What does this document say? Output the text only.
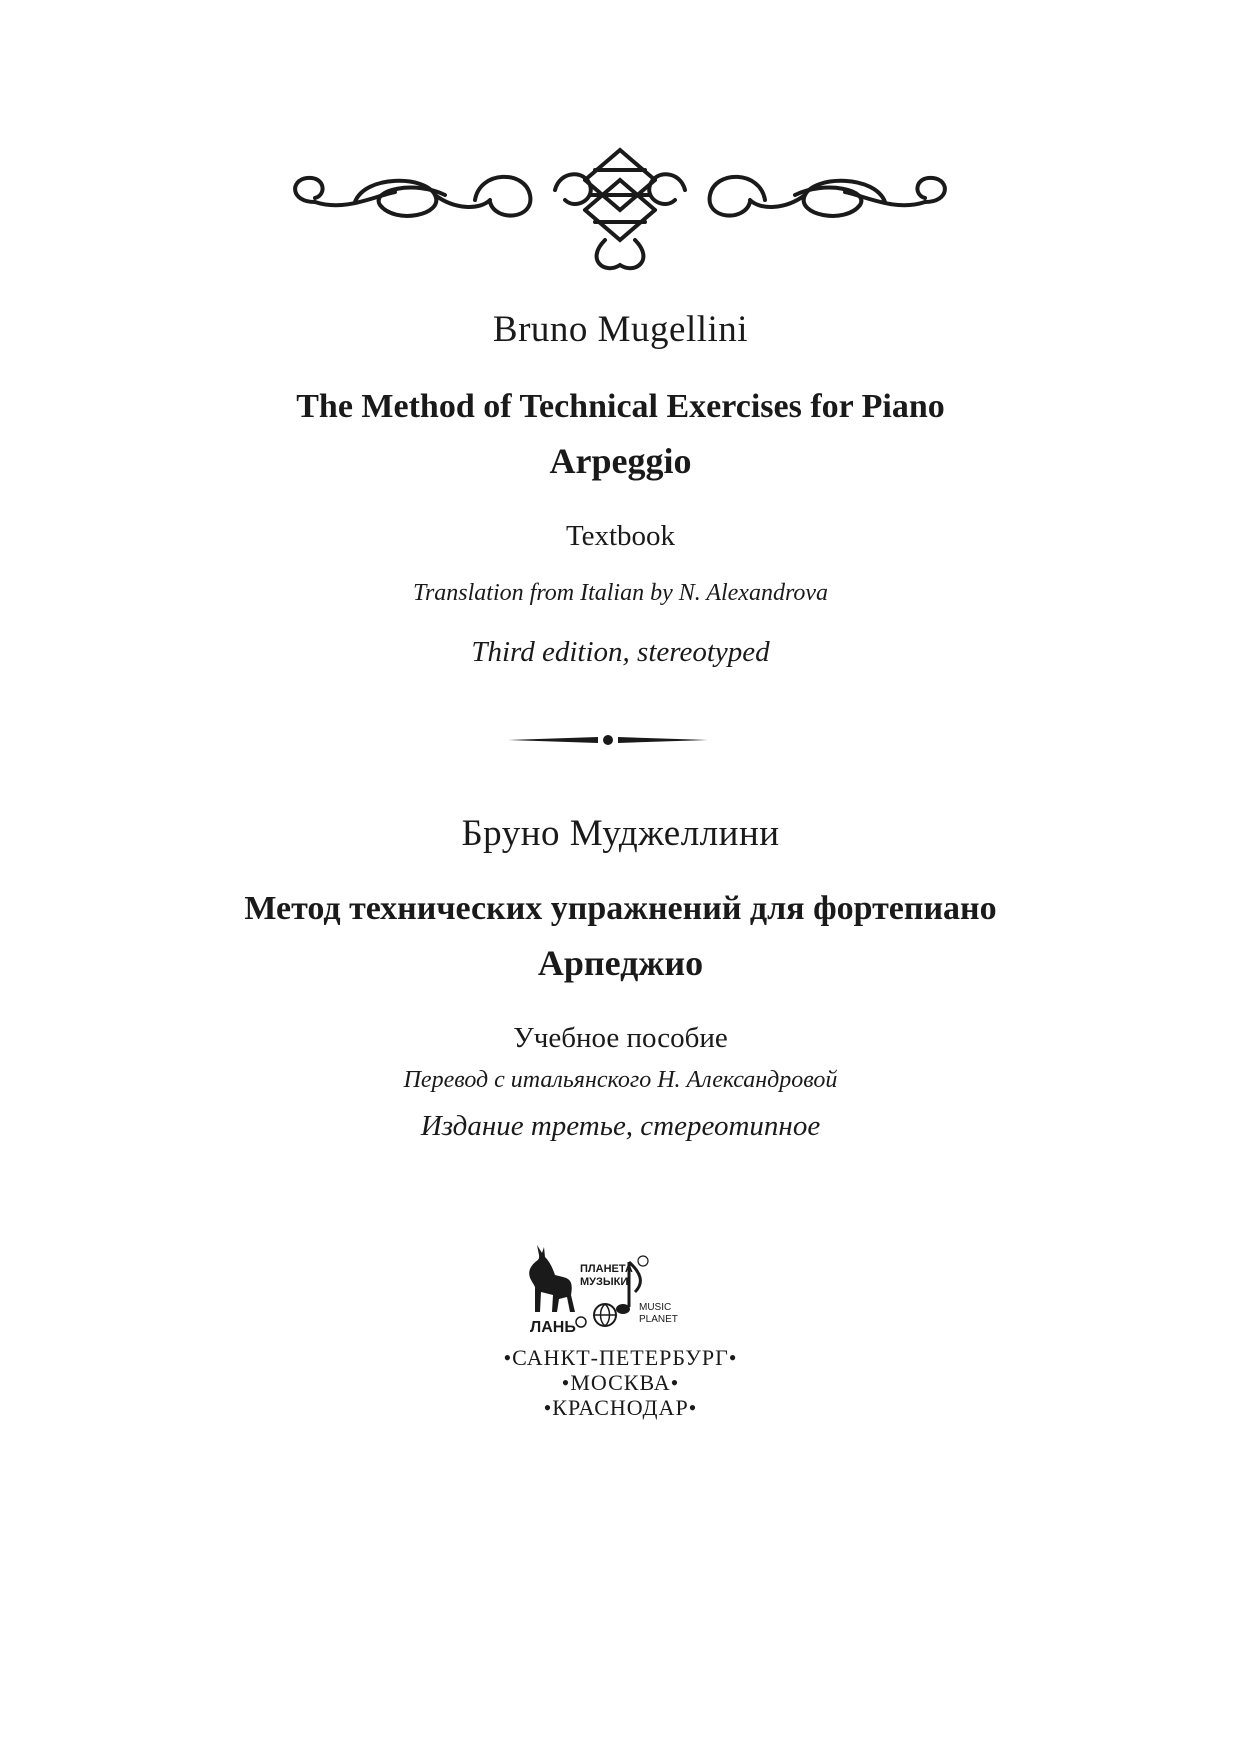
Bruno Mugellini
The Method of Technical Exercises for Piano
Arpeggio
Textbook
Translation from Italian by N. Alexandrova
Third edition, stereotyped
Бруно Муджеллини
Метод технических упражнений для фортепиано
Арпеджио
Учебное пособие
Перевод с итальянского Н. Александровой
Издание третье, стереотипное
ЛАНЬ
ПЛАНЕТА
МУЗЫКИ
MUSIC
PLANET
•САНКТ-ПЕТЕРБУРГ•
•МОСКВА•
•КРАСНОДАР•
